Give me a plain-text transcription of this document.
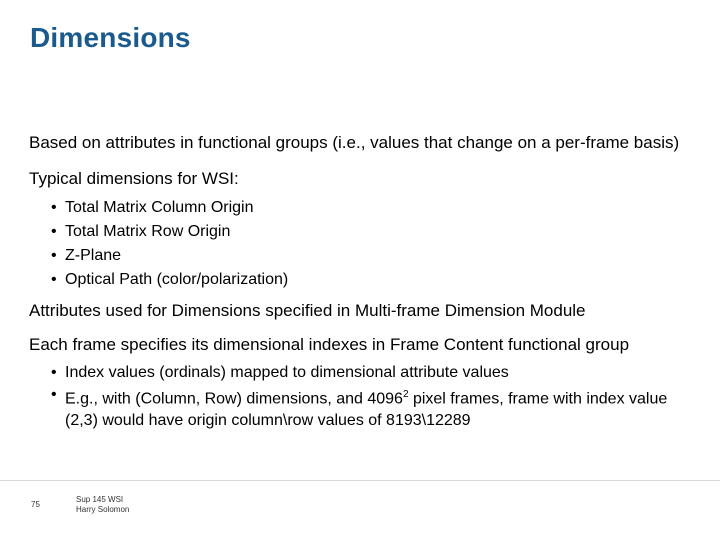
Dimensions

Based on attributes in functional groups (i.e., values that change on a per-frame basis)

Typical dimensions for WSI:

• Total Matrix Column Origin
• Total Matrix Row Origin
• Z-Plane
• Optical Path (color/polarization)

Attributes used for Dimensions specified in Multi-frame Dimension Module

Each frame specifies its dimensional indexes in Frame Content functional group

• Index values (ordinals) mapped to dimensional attribute values
• E.g., with (Column, Row) dimensions, and 4096$^2$ pixel frames, frame with index value (2,3) would have origin column\row values of 8193\12289
75
Sup 145 WSI
Harry Solomon
